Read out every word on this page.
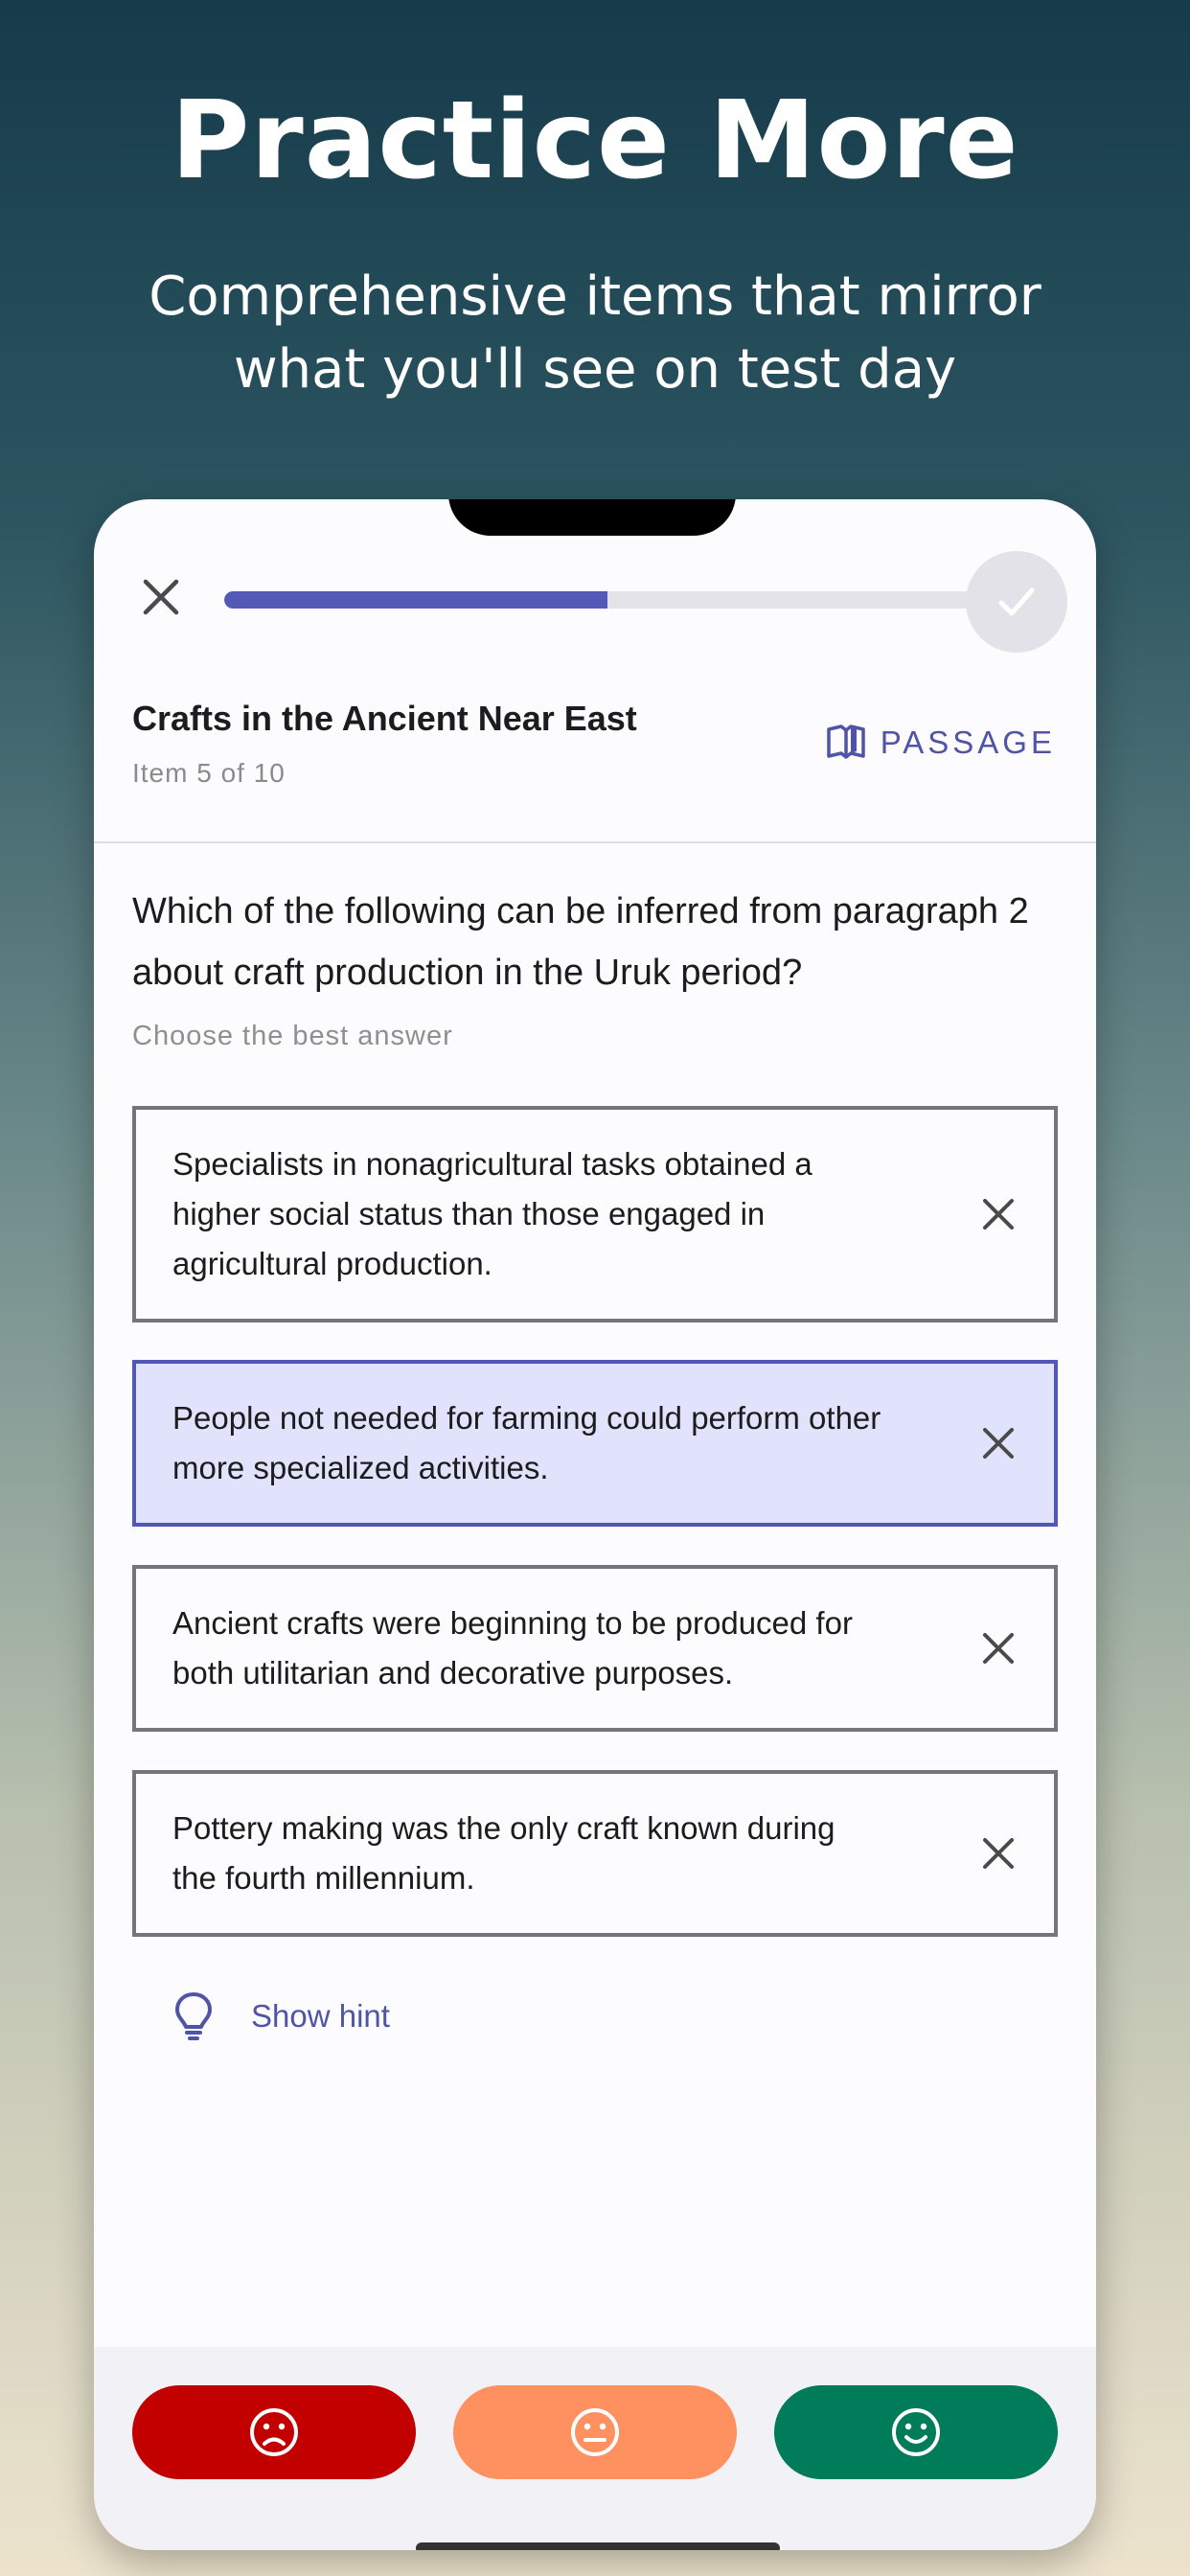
Practice More
Comprehensive items that mirror what you'll see on test day
Crafts in the Ancient Near East
Item 5 of 10
PASSAGE
Which of the following can be inferred from paragraph 2 about craft production in the Uruk period?
Choose the best answer
Specialists in nonagricultural tasks obtained a higher social status than those engaged in agricultural production.
People not needed for farming could perform other more specialized activities.
Ancient crafts were beginning to be produced for both utilitarian and decorative purposes.
Pottery making was the only craft known during the fourth millennium.
Show hint
